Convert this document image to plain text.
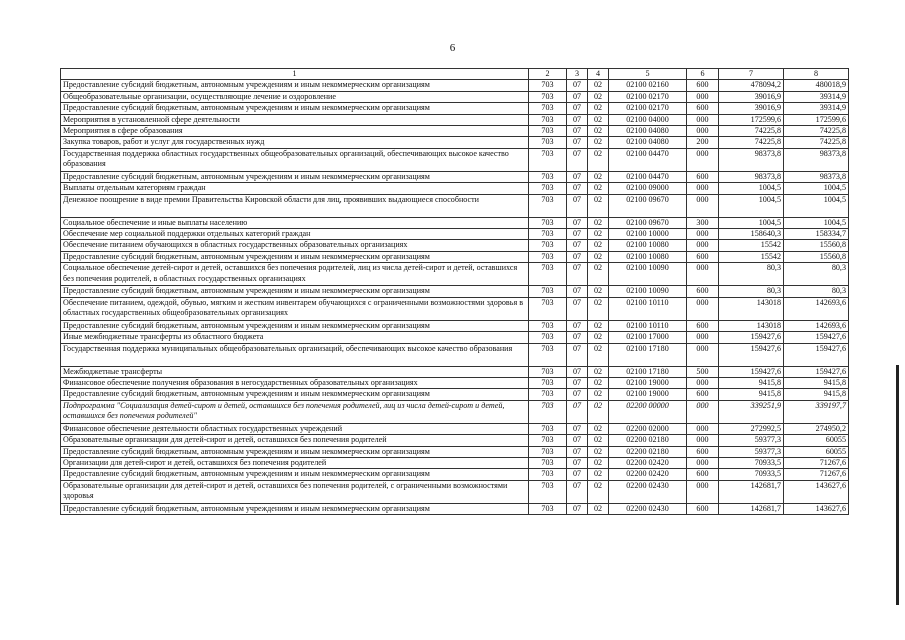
6
1	2	3	4	5	6	7	8
Предоставление субсидий бюджетным, автономным учреждениям и иным некоммерческим организациям	703	07	02	02100 02160	600	478094,2	480018,9
Общеобразовательные организации, осуществляющие лечение и оздоровление	703	07	02	02100 02170	000	39016,9	39314,9
Предоставление субсидий бюджетным, автономным учреждениям и иным некоммерческим организациям	703	07	02	02100 02170	600	39016,9	39314,9
Мероприятия в установленной сфере деятельности	703	07	02	02100 04000	000	172599,6	172599,6
Мероприятия в сфере образования	703	07	02	02100 04080	000	74225,8	74225,8
Закупка товаров, работ и услуг для государственных нужд	703	07	02	02100 04080	200	74225,8	74225,8
Государственная поддержка областных государственных общеобразовательных организаций, обеспечивающих высокое качество образования	703	07	02	02100 04470	000	98373,8	98373,8
Предоставление субсидий бюджетным, автономным учреждениям и иным некоммерческим организациям	703	07	02	02100 04470	600	98373,8	98373,8
Выплаты отдельным категориям граждан	703	07	02	02100 09000	000	1004,5	1004,5
Денежное поощрение в виде премии Правительства Кировской области для лиц, проявивших выдающиеся способности	703	07	02	02100 09670	000	1004,5	1004,5
Социальное обеспечение и иные выплаты населению	703	07	02	02100 09670	300	1004,5	1004,5
Обеспечение мер социальной поддержки отдельных категорий граждан	703	07	02	02100 10000	000	158640,3	158334,7
Обеспечение питанием обучающихся в областных государственных образовательных организациях	703	07	02	02100 10080	000	15542	15560,8
Предоставление субсидий бюджетным, автономным учреждениям и иным некоммерческим организациям	703	07	02	02100 10080	600	15542	15560,8
Социальное обеспечение детей-сирот и детей, оставшихся без попечения родителей, лиц из числа детей-сирот и детей, оставшихся без попечения родителей, в областных государственных организациях	703	07	02	02100 10090	000	80,3	80,3
Предоставление субсидий бюджетным, автономным учреждениям и иным некоммерческим организациям	703	07	02	02100 10090	600	80,3	80,3
Обеспечение питанием, одеждой, обувью, мягким и жестким инвентарем обучающихся с ограниченными возможностями здоровья в областных государственных общеобразовательных организациях	703	07	02	02100 10110	000	143018	142693,6
Предоставление субсидий бюджетным, автономным учреждениям и иным некоммерческим организациям	703	07	02	02100 10110	600	143018	142693,6
Иные межбюджетные трансферты из областного бюджета	703	07	02	02100 17000	000	159427,6	159427,6
Государственная поддержка муниципальных общеобразовательных организаций, обеспечивающих высокое качество образования	703	07	02	02100 17180	000	159427,6	159427,6
Межбюджетные трансферты	703	07	02	02100 17180	500	159427,6	159427,6
Финансовое обеспечение получения образования в негосударственных образовательных организациях	703	07	02	02100 19000	000	9415,8	9415,8
Предоставление субсидий бюджетным, автономным учреждениям и иным некоммерческим организациям	703	07	02	02100 19000	600	9415,8	9415,8
Подпрограмма "Социализация детей-сирот и детей, оставшихся без попечения родителей, лиц из числа детей-сирот и детей, оставшихся без попечения родителей"	703	07	02	02200 00000	000	339251,9	339197,7
Финансовое обеспечение деятельности областных государственных учреждений	703	07	02	02200 02000	000	272992,5	274950,2
Образовательные организации для детей-сирот и детей, оставшихся без попечения родителей	703	07	02	02200 02180	000	59377,3	60055
Предоставление субсидий бюджетным, автономным учреждениям и иным некоммерческим организациям	703	07	02	02200 02180	600	59377,3	60055
Организации для детей-сирот и детей, оставшихся без попечения родителей	703	07	02	02200 02420	000	70933,5	71267,6
Предоставление субсидий бюджетным, автономным учреждениям и иным некоммерческим организациям	703	07	02	02200 02420	600	70933,5	71267,6
Образовательные организации для детей-сирот и детей, оставшихся без попечения родителей, с ограниченными возможностями здоровья	703	07	02	02200 02430	000	142681,7	143627,6
Предоставление субсидий бюджетным, автономным учреждениям и иным некоммерческим организациям	703	07	02	02200 02430	600	142681,7	143627,6
